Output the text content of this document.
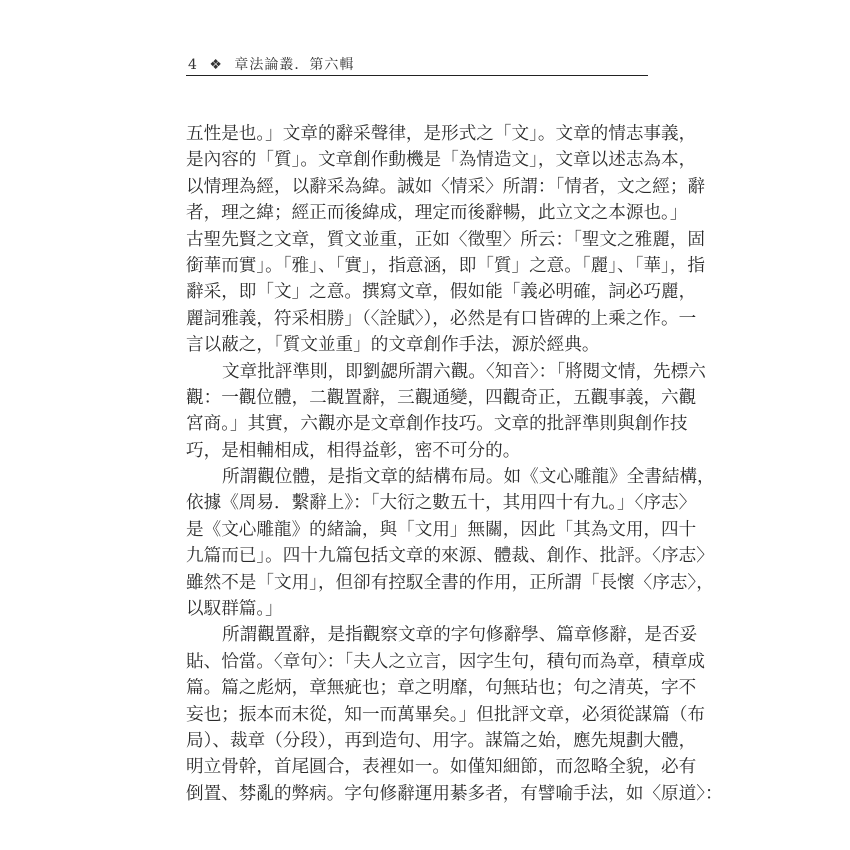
4 ❖ 章法論叢．第六輯
五性是也。」文章的辭采聲律，是形式之「文」。文章的情志事義，
是內容的「質」。文章創作動機是「為情造文」，文章以述志為本，
以情理為經，以辭采為緯。誠如〈情采〉所謂：「情者，文之經；辭
者，理之緯；經正而後緯成，理定而後辭暢，此立文之本源也。」
古聖先賢之文章，質文並重，正如〈徵聖〉所云：「聖文之雅麗，固
銜華而實」。「雅」、「實」，指意涵，即「質」之意。「麗」、「華」，指
辭采，即「文」之意。撰寫文章，假如能「義必明確，詞必巧麗，
麗詞雅義，符采相勝」（〈詮賦〉），必然是有口皆碑的上乘之作。一
言以蔽之，「質文並重」的文章創作手法，源於經典。
文章批評準則，即劉勰所謂六觀。〈知音〉：「將閱文情，先標六
觀：一觀位體，二觀置辭，三觀通變，四觀奇正，五觀事義，六觀
宮商。」其實，六觀亦是文章創作技巧。文章的批評準則與創作技
巧，是相輔相成，相得益彰，密不可分的。
所謂觀位體，是指文章的結構布局。如《文心雕龍》全書結構，
依據《周易．繫辭上》：「大衍之數五十，其用四十有九。」〈序志〉
是《文心雕龍》的緒論，與「文用」無關，因此「其為文用，四十
九篇而已」。四十九篇包括文章的來源、體裁、創作、批評。〈序志〉
雖然不是「文用」，但卻有控馭全書的作用，正所謂「長懷〈序志〉，
以馭群篇。」
所謂觀置辭，是指觀察文章的字句修辭學、篇章修辭，是否妥
貼、恰當。〈章句〉：「夫人之立言，因字生句，積句而為章，積章成
篇。篇之彪炳，章無疵也；章之明靡，句無玷也；句之清英，字不
妄也；振本而末從，知一而萬畢矣。」但批評文章，必須從謀篇（布
局）、裁章（分段），再到造句、用字。謀篇之始，應先規劃大體，
明立骨幹，首尾圓合，表裡如一。如僅知細節，而忽略全貌，必有
倒置、棼亂的弊病。字句修辭運用綦多者，有譬喻手法，如〈原道〉：
